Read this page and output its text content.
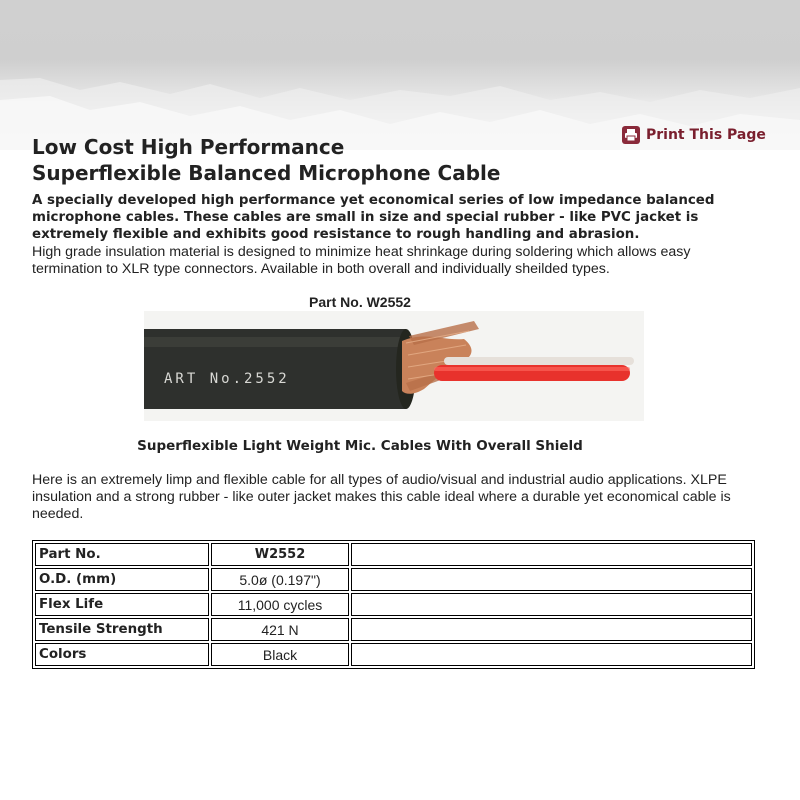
Low Cost High Performance
Superflexible Balanced Microphone Cable
Print This Page

A specially developed high performance yet economical series of low impedance balanced microphone cables. These cables are small in size and special rubber - like PVC jacket is extremely flexible and exhibits good resistance to rough handling and abrasion.

High grade insulation material is designed to minimize heat shrinkage during soldering which allows easy termination to XLR type connectors. Available in both overall and individually sheilded types.

Part No. W2552
ART No.2552
Superflexible Light Weight Mic. Cables With Overall Shield

Here is an extremely limp and flexible cable for all types of audio/visual and industrial audio applications. XLPE insulation and a strong rubber - like outer jacket makes this cable ideal where a durable yet economical cable is needed.

Part No.	W2552	
O.D. (mm)	5.0ø (0.197")	
Flex Life	11,000 cycles	
Tensile Strength	421 N	
Colors	Black	
